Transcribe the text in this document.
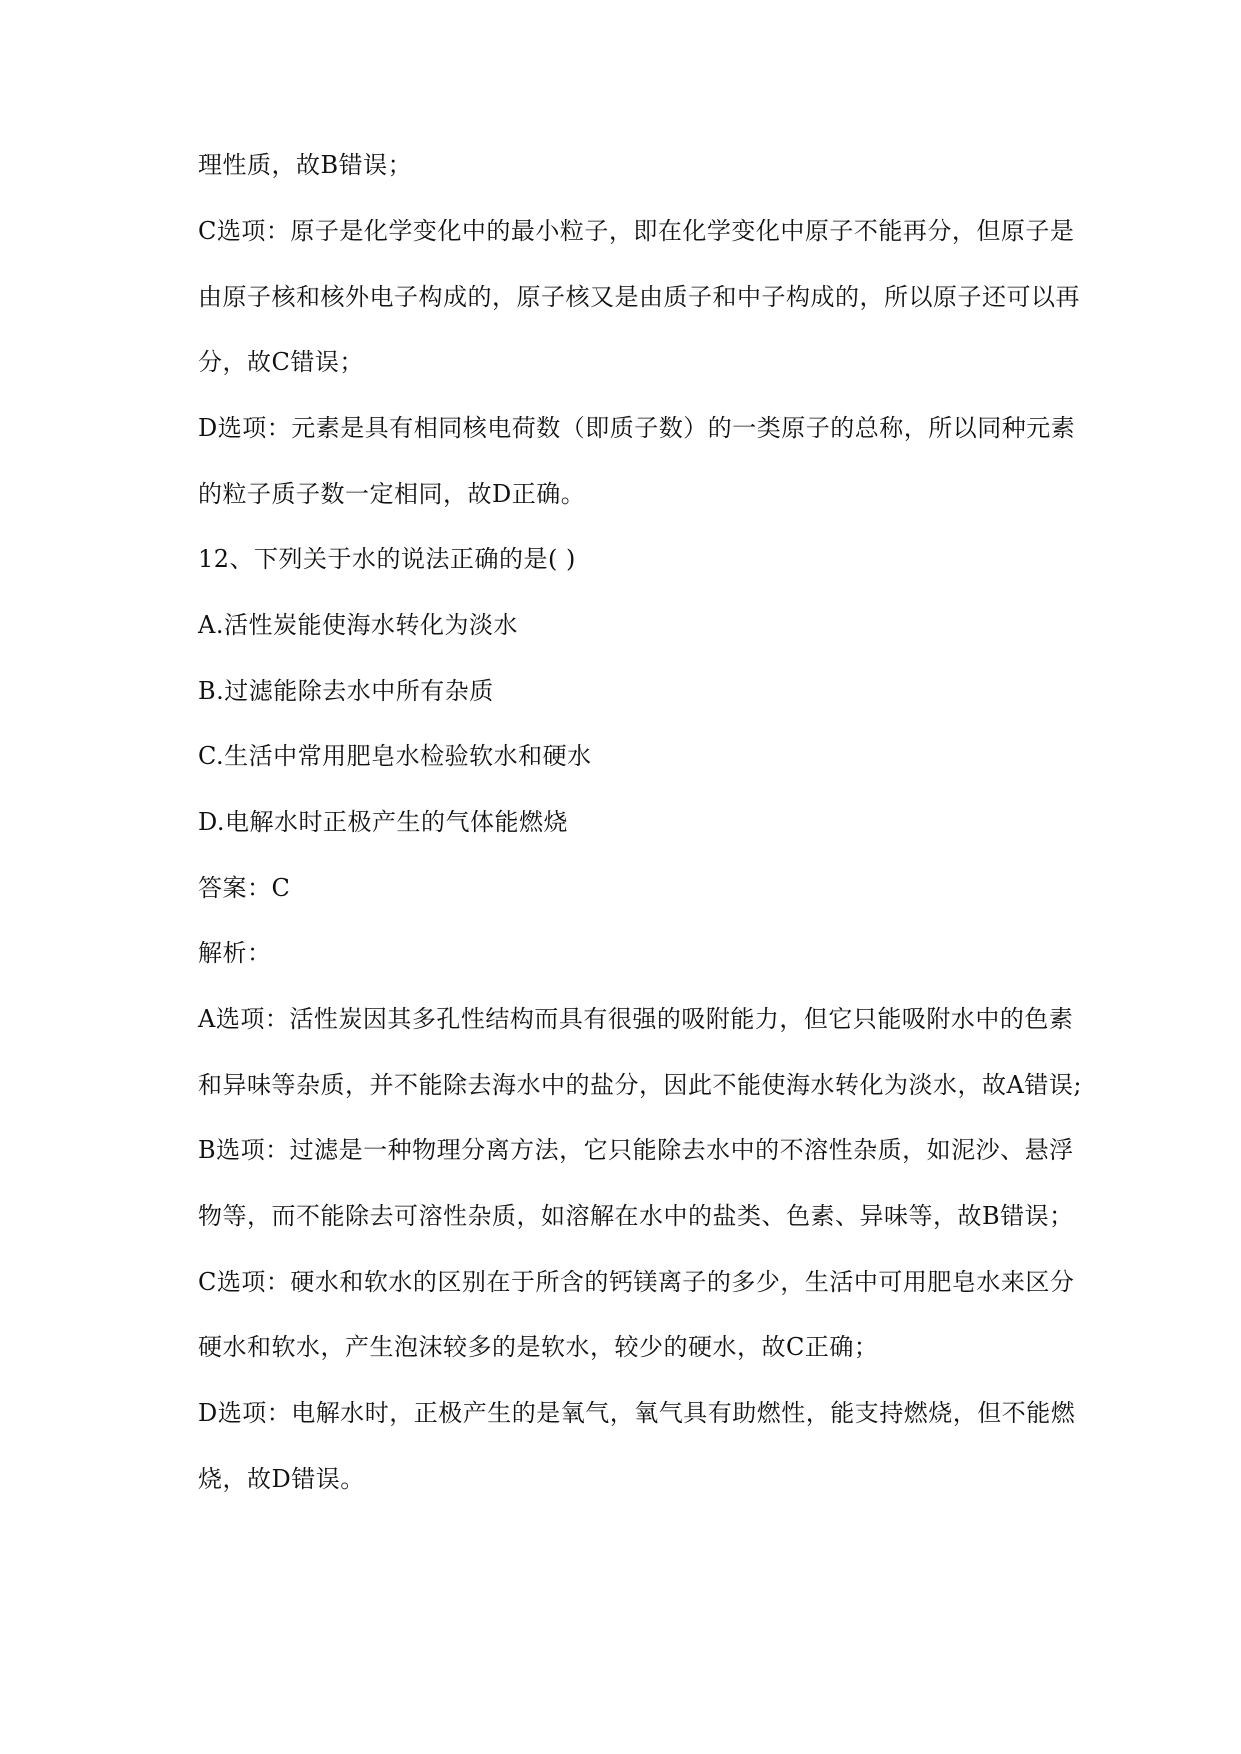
理性质，故B错误；
C选项：原子是化学变化中的最小粒子，即在化学变化中原子不能再分，但原子是
由原子核和核外电子构成的，原子核又是由质子和中子构成的，所以原子还可以再
分，故C错误；
D选项：元素是具有相同核电荷数（即质子数）的一类原子的总称，所以同种元素
的粒子质子数一定相同，故D正确。
12、下列关于水的说法正确的是( )
A.活性炭能使海水转化为淡水
B.过滤能除去水中所有杂质
C.生活中常用肥皂水检验软水和硬水
D.电解水时正极产生的气体能燃烧
答案：C
解析：
A选项：活性炭因其多孔性结构而具有很强的吸附能力，但它只能吸附水中的色素
和异味等杂质，并不能除去海水中的盐分，因此不能使海水转化为淡水，故A错误;
B选项：过滤是一种物理分离方法，它只能除去水中的不溶性杂质，如泥沙、悬浮
物等，而不能除去可溶性杂质，如溶解在水中的盐类、色素、异味等，故B错误；
C选项：硬水和软水的区别在于所含的钙镁离子的多少，生活中可用肥皂水来区分
硬水和软水，产生泡沫较多的是软水，较少的硬水，故C正确；
D选项：电解水时，正极产生的是氧气，氧气具有助燃性，能支持燃烧，但不能燃
烧，故D错误。
